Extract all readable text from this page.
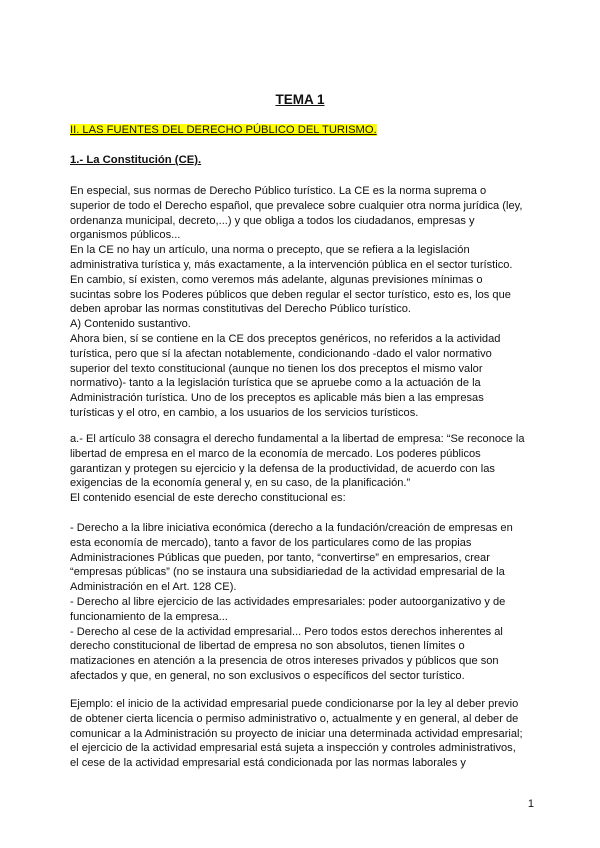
TEMA 1

II. LAS FUENTES DEL DERECHO PÚBLICO DEL TURISMO.

1.- La Constitución (CE).

En especial, sus normas de Derecho Público turístico. La CE es la norma suprema o
superior de todo el Derecho español, que prevalece sobre cualquier otra norma jurídica (ley,
ordenanza municipal, decreto,...) y que obliga a todos los ciudadanos, empresas y
organismos públicos...
En la CE no hay un artículo, una norma o precepto, que se refiera a la legislación
administrativa turística y, más exactamente, a la intervención pública en el sector turístico.
En cambio, sí existen, como veremos más adelante, algunas previsiones mínimas o
sucintas sobre los Poderes públicos que deben regular el sector turístico, esto es, los que
deben aprobar las normas constitutivas del Derecho Público turístico.
A) Contenido sustantivo.
Ahora bien, sí se contiene en la CE dos preceptos genéricos, no referidos a la actividad
turística, pero que sí la afectan notablemente, condicionando -dado el valor normativo
superior del texto constitucional (aunque no tienen los dos preceptos el mismo valor
normativo)- tanto a la legislación turística que se apruebe como a la actuación de la
Administración turística. Uno de los preceptos es aplicable más bien a las empresas
turísticas y el otro, en cambio, a los usuarios de los servicios turísticos.
a.- El artículo 38 consagra el derecho fundamental a la libertad de empresa: “Se reconoce la
libertad de empresa en el marco de la economía de mercado. Los poderes públicos
garantizan y protegen su ejercicio y la defensa de la productividad, de acuerdo con las
exigencias de la economía general y, en su caso, de la planificación.”
El contenido esencial de este derecho constitucional es:
- Derecho a la libre iniciativa económica (derecho a la fundación/creación de empresas en
esta economía de mercado), tanto a favor de los particulares como de las propias
Administraciones Públicas que pueden, por tanto, “convertirse” en empresarios, crear
“empresas públicas” (no se instaura una subsidiariedad de la actividad empresarial de la
Administración en el Art. 128 CE).
- Derecho al libre ejercicio de las actividades empresariales: poder autoorganizativo y de
funcionamiento de la empresa...
- Derecho al cese de la actividad empresarial... Pero todos estos derechos inherentes al
derecho constitucional de libertad de empresa no son absolutos, tienen límites o
matizaciones en atención a la presencia de otros intereses privados y públicos que son
afectados y que, en general, no son exclusivos o específicos del sector turístico.
Ejemplo: el inicio de la actividad empresarial puede condicionarse por la ley al deber previo
de obtener cierta licencia o permiso administrativo o, actualmente y en general, al deber de
comunicar a la Administración su proyecto de iniciar una determinada actividad empresarial;
el ejercicio de la actividad empresarial está sujeta a inspección y controles administrativos,
el cese de la actividad empresarial está condicionada por las normas laborales y

1
